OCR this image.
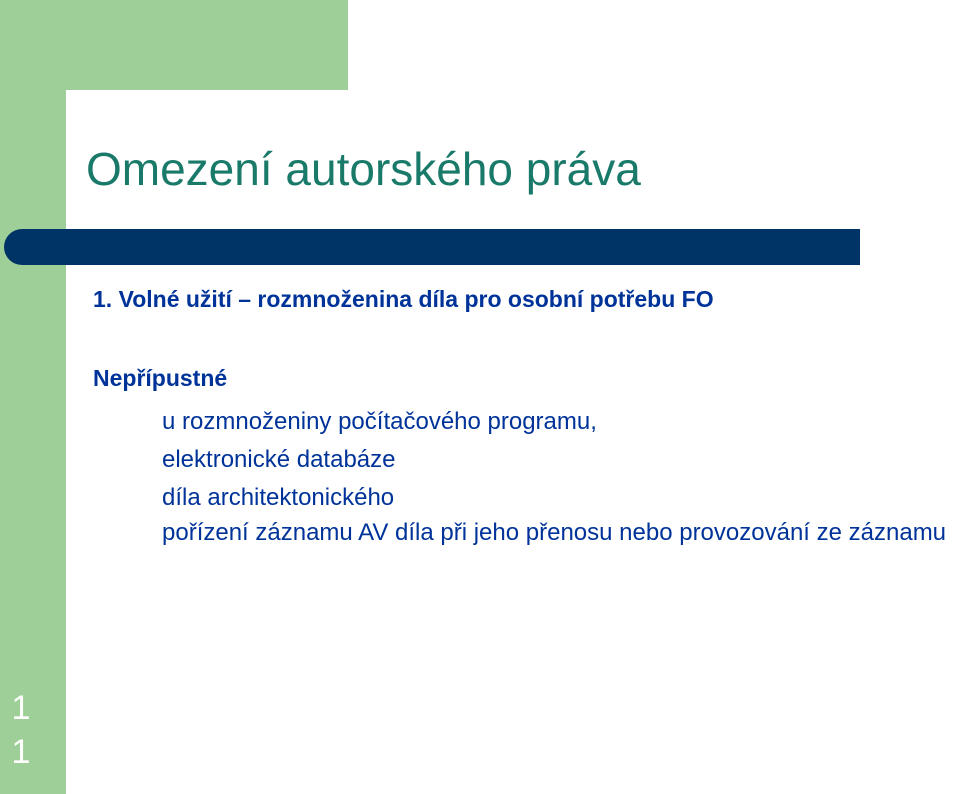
Omezení autorského práva
1. Volné užití – rozmnoženina díla pro osobní potřebu FO
Nepřípustné
u rozmnoženiny počítačového programu,
elektronické databáze
díla architektonického
pořízení záznamu AV díla při jeho přenosu nebo provozování ze záznamu
1
1
